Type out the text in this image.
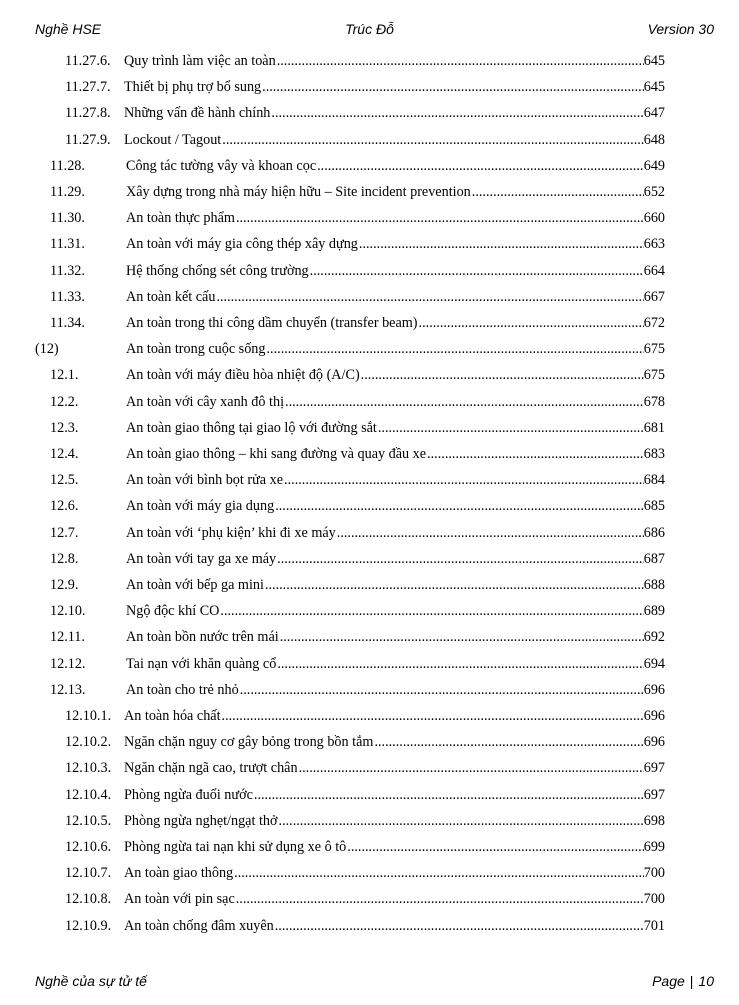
Nghề HSE	Trúc Đỗ	Version 30
11.27.6. Quy trình làm việc an toàn .....	645
11.27.7. Thiết bị phụ trợ bổ sung .....	645
11.27.8. Những vấn đề hành chính .....	647
11.27.9. Lockout / Tagout .....	648
11.28.	Công tác tường vây và khoan cọc .....	649
11.29.	Xây dựng trong nhà máy hiện hữu – Site incident prevention .....	652
11.30.	An toàn thực phẩm .....	660
11.31.	An toàn với máy gia công thép xây dựng .....	663
11.32.	Hệ thống chống sét công trường .....	664
11.33.	An toàn kết cấu .....	667
11.34.	An toàn trong thi công dầm chuyển (transfer beam) .....	672
(12)	An toàn trong cuộc sống .....	675
12.1.	An toàn với máy điều hòa nhiệt độ (A/C) .....	675
12.2.	An toàn với cây xanh đô thị .....	678
12.3.	An toàn giao thông tại giao lộ với đường sắt .....	681
12.4.	An toàn giao thông – khi sang đường và quay đầu xe .....	683
12.5.	An toàn với bình bọt rửa xe .....	684
12.6.	An toàn với máy gia dụng .....	685
12.7.	An toàn với ‘phụ kiện’ khi đi xe máy .....	686
12.8.	An toàn với tay ga xe máy .....	687
12.9.	An toàn với bếp ga mini .....	688
12.10.	Ngộ độc khí CO .....	689
12.11.	An toàn bồn nước trên mái .....	692
12.12.	Tai nạn với khăn quàng cổ .....	694
12.13.	An toàn cho trẻ nhỏ .....	696
12.10.1. An toàn hóa chất .....	696
12.10.2. Ngăn chặn nguy cơ gây bỏng trong bồn tắm .....	696
12.10.3. Ngăn chặn ngã cao, trượt chân .....	697
12.10.4. Phòng ngừa đuối nước .....	697
12.10.5. Phòng ngừa nghẹt/ngạt thở .....	698
12.10.6. Phòng ngừa tai nạn khi sử dụng xe ô tô .....	699
12.10.7. An toàn giao thông .....	700
12.10.8. An toàn với pin sạc .....	700
12.10.9. An toàn chống đâm xuyên .....	701
Nghề của sự tử tế	Page | 10
